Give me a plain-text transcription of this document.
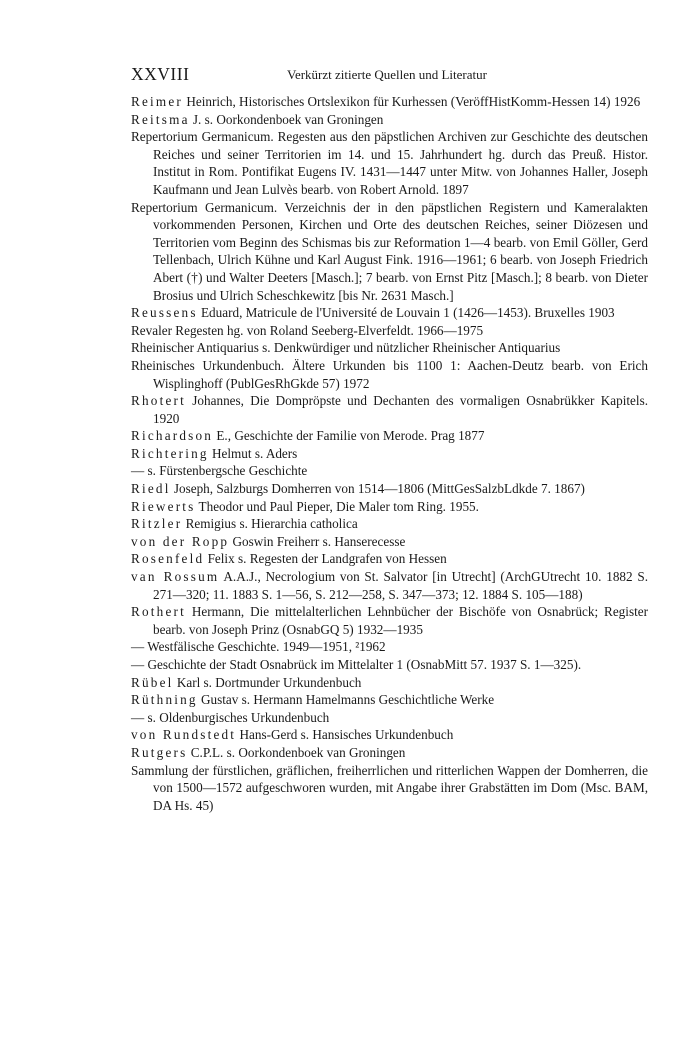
XXVIII	Verkürzt zitierte Quellen und Literatur
Reimer Heinrich, Historisches Ortslexikon für Kurhessen (VeröffHistKomm-Hessen 14) 1926
Reitsma J. s. Oorkondenboek van Groningen
Repertorium Germanicum. Regesten aus den päpstlichen Archiven zur Geschichte des deutschen Reiches und seiner Territorien im 14. und 15. Jahrhundert hg. durch das Preuß. Histor. Institut in Rom. Pontifikat Eugens IV. 1431—1447 unter Mitw. von Johannes Haller, Joseph Kaufmann und Jean Lulvès bearb. von Robert Arnold. 1897
Repertorium Germanicum. Verzeichnis der in den päpstlichen Registern und Kameralakten vorkommenden Personen, Kirchen und Orte des deutschen Reiches, seiner Diözesen und Territorien vom Beginn des Schismas bis zur Reformation 1—4 bearb. von Emil Göller, Gerd Tellenbach, Ulrich Kühne und Karl August Fink. 1916—1961; 6 bearb. von Joseph Friedrich Abert (†) und Walter Deeters [Masch.]; 7 bearb. von Ernst Pitz [Masch.]; 8 bearb. von Dieter Brosius und Ulrich Scheschkewitz [bis Nr. 2631 Masch.]
Reussens Eduard, Matricule de l'Université de Louvain 1 (1426—1453). Bruxelles 1903
Revaler Regesten hg. von Roland Seeberg-Elverfeldt. 1966—1975
Rheinischer Antiquarius s. Denkwürdiger und nützlicher Rheinischer Antiquarius
Rheinisches Urkundenbuch. Ältere Urkunden bis 1100 1: Aachen-Deutz bearb. von Erich Wisplinghoff (PublGesRhGkde 57) 1972
Rhotert Johannes, Die Dompröpste und Dechanten des vormaligen Osnabrükker Kapitels. 1920
Richardson E., Geschichte der Familie von Merode. Prag 1877
Richtering Helmut s. Aders
— s. Fürstenbergsche Geschichte
Riedl Joseph, Salzburgs Domherren von 1514—1806 (MittGesSalzbLdkde 7. 1867)
Riewerts Theodor und Paul Pieper, Die Maler tom Ring. 1955.
Ritzler Remigius s. Hierarchia catholica
von der Ropp Goswin Freiherr s. Hanserecesse
Rosenfeld Felix s. Regesten der Landgrafen von Hessen
van Rossum A.A.J., Necrologium von St. Salvator [in Utrecht] (ArchGUtrecht 10. 1882 S. 271—320; 11. 1883 S. 1—56, S. 212—258, S. 347—373; 12. 1884 S. 105—188)
Rothert Hermann, Die mittelalterlichen Lehnbücher der Bischöfe von Osnabrück; Register bearb. von Joseph Prinz (OsnabGQ 5) 1932—1935
— Westfälische Geschichte. 1949—1951, ²1962
— Geschichte der Stadt Osnabrück im Mittelalter 1 (OsnabMitt 57. 1937 S. 1—325).
Rübel Karl s. Dortmunder Urkundenbuch
Rüthning Gustav s. Hermann Hamelmanns Geschichtliche Werke
— s. Oldenburgisches Urkundenbuch
von Rundstedt Hans-Gerd s. Hansisches Urkundenbuch
Rutgers C.P.L. s. Oorkondenboek van Groningen
Sammlung der fürstlichen, gräflichen, freiherrlichen und ritterlichen Wappen der Domherren, die von 1500—1572 aufgeschworen wurden, mit Angabe ihrer Grabstätten im Dom (Msc. BAM, DA Hs. 45)
